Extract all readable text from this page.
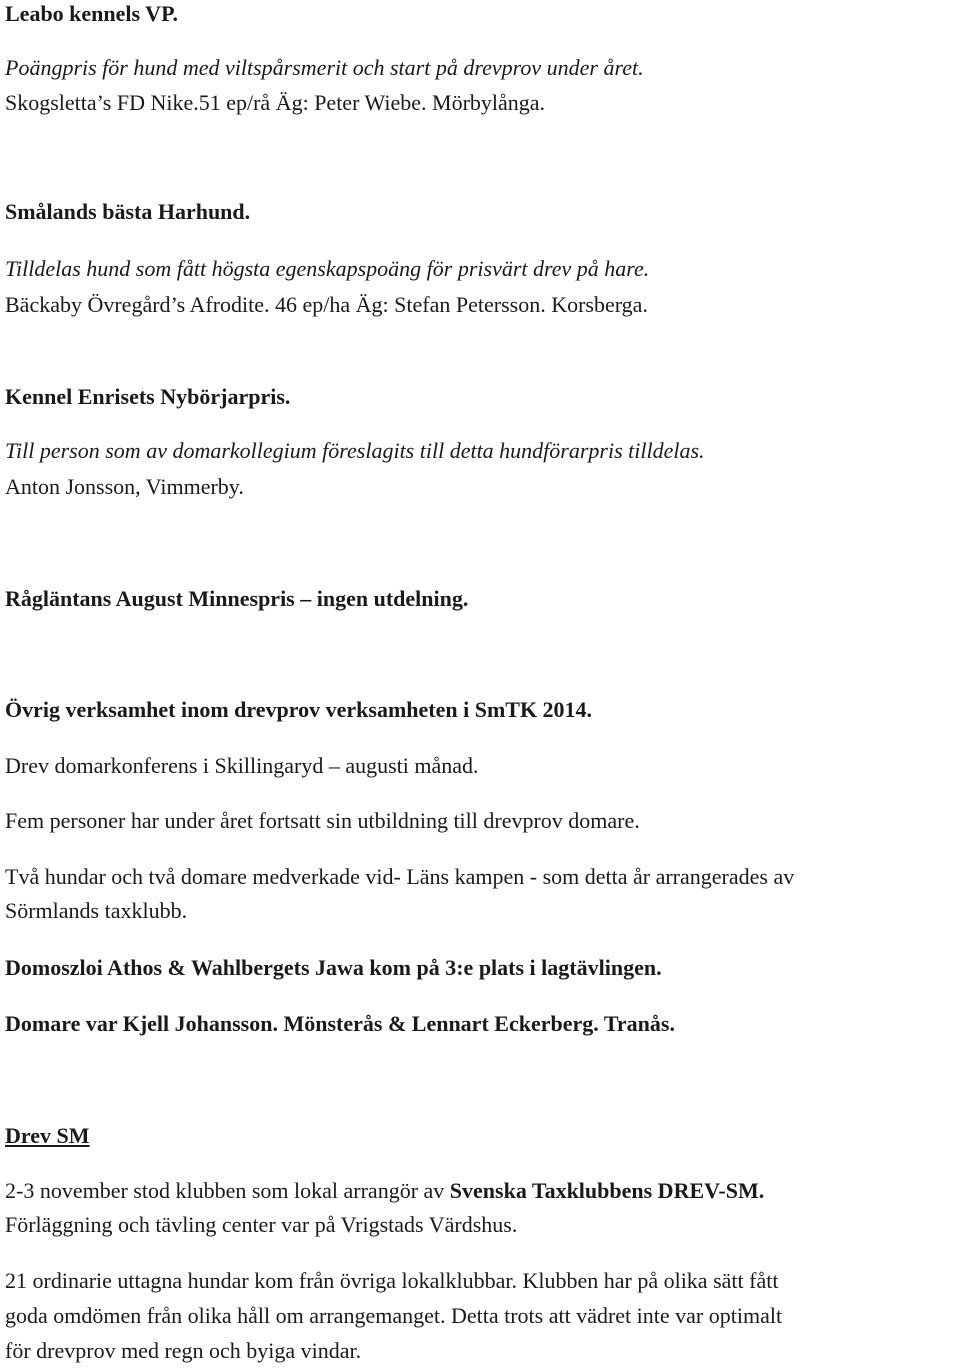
Leabo kennels VP.
Poängpris för hund med viltspårsmerit och start på drevprov under året.
Skogsletta’s FD Nike.51 ep/rå Äg: Peter Wiebe. Mörbylånga.
Smålands bästa Harhund.
Tilldelas hund som fått högsta egenskapspoäng för prisvärt drev på hare.
Bäckaby Övregård’s Afrodite. 46 ep/ha Äg: Stefan Petersson. Korsberga.
Kennel Enrisets Nybörjarpris.
Till person som av domarkollegium föreslagits till detta hundförarpris tilldelas.
Anton Jonsson, Vimmerby.
Rågläntans August Minnespris – ingen utdelning.
Övrig verksamhet inom drevprov verksamheten i SmTK 2014.
Drev domarkonferens i Skillingaryd – augusti månad.
Fem personer har under året fortsatt sin utbildning till drevprov domare.
Två hundar och två domare medverkade vid- Läns kampen - som detta år arrangerades av
Sörmlands taxklubb.
Domoszloi Athos & Wahlbergets Jawa kom på 3:e plats i lagtävlingen.
Domare var Kjell Johansson. Mönsterås & Lennart Eckerberg. Tranås.
Drev SM
2-3 november stod klubben som lokal arrangör av Svenska Taxklubbens DREV-SM.
Förläggning och tävling center var på Vrigstads Värdshus.
21 ordinarie uttagna hundar kom från övriga lokalklubbar. Klubben har på olika sätt fått
goda omdömen från olika håll om arrangemanget. Detta trots att vädret inte var optimalt
för drevprov med regn och byiga vindar.
